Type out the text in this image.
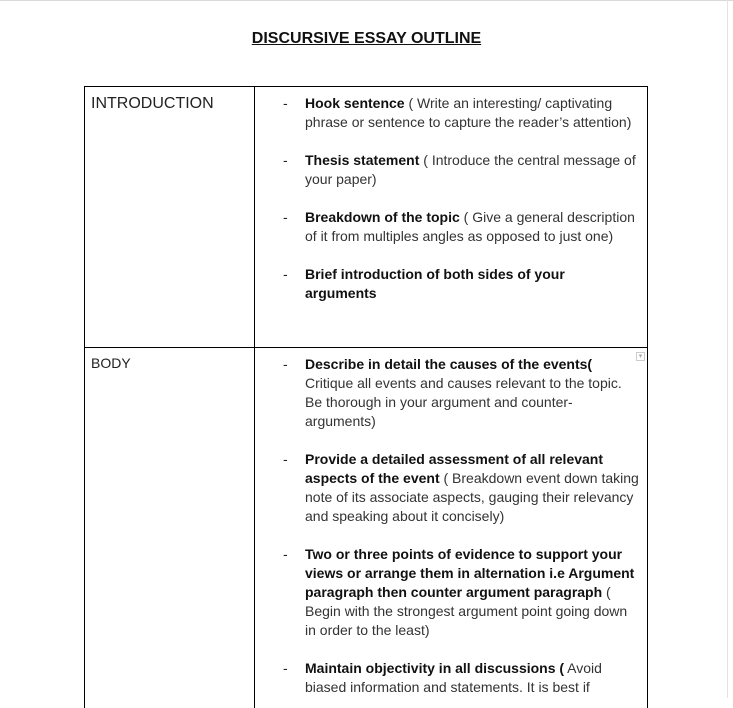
DISCURSIVE ESSAY OUTLINE
INTRODUCTION	-	Hook sentence ( Write an interesting/ captivating phrase or sentence to capture the reader’s attention)
-	Thesis statement ( Introduce the central message of your paper)
-	Breakdown of the topic ( Give a general description of it from multiples angles as opposed to just one)
-	Brief introduction of both sides of your arguments
BODY	▾
-	Describe in detail the causes of the events( Critique all events and causes relevant to the topic. Be thorough in your argument and counter-arguments)
-	Provide a detailed assessment of all relevant aspects of the event ( Breakdown event down taking note of its associate aspects, gauging their relevancy and speaking about it concisely)
-	Two or three points of evidence to support your views or arrange them in alternation i.e Argument paragraph then counter argument paragraph ( Begin with the strongest argument point going down in order to the least)
-	Maintain objectivity in all discussions ( Avoid biased information and statements. It is best if
